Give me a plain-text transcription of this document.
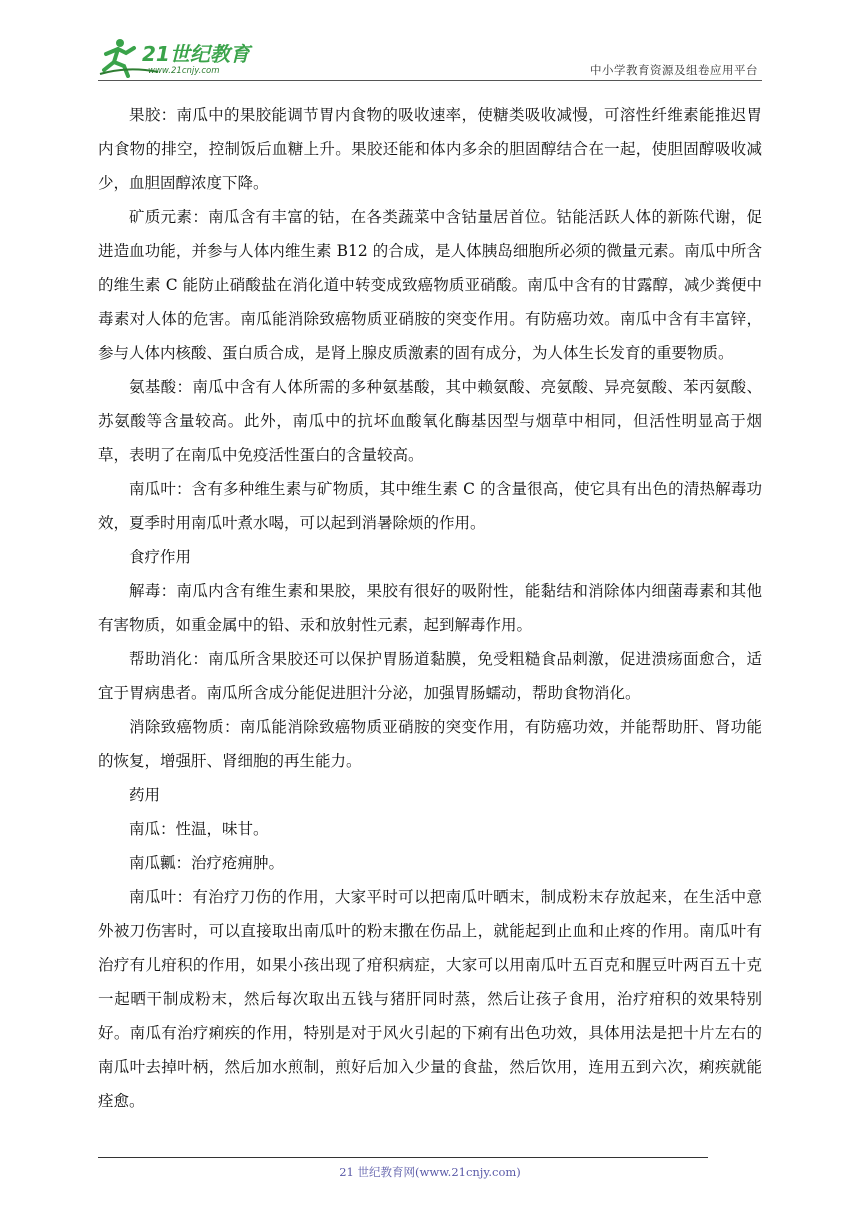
21世纪教育
www.21cnjy.com	中小学教育资源及组卷应用平台

果胶：南瓜中的果胶能调节胃内食物的吸收速率，使糖类吸收减慢，可溶性纤维素能推迟胃内食物的排空，控制饭后血糖上升。果胶还能和体内多余的胆固醇结合在一起，使胆固醇吸收减少，血胆固醇浓度下降。

矿质元素：南瓜含有丰富的钴，在各类蔬菜中含钴量居首位。钴能活跃人体的新陈代谢，促进造血功能，并参与人体内维生素 B12 的合成，是人体胰岛细胞所必须的微量元素。南瓜中所含的维生素 C 能防止硝酸盐在消化道中转变成致癌物质亚硝酸。南瓜中含有的甘露醇，减少粪便中毒素对人体的危害。南瓜能消除致癌物质亚硝胺的突变作用。有防癌功效。南瓜中含有丰富锌，参与人体内核酸、蛋白质合成，是肾上腺皮质激素的固有成分，为人体生长发育的重要物质。

氨基酸：南瓜中含有人体所需的多种氨基酸，其中赖氨酸、亮氨酸、异亮氨酸、苯丙氨酸、苏氨酸等含量较高。此外，南瓜中的抗坏血酸氧化酶基因型与烟草中相同，但活性明显高于烟草，表明了在南瓜中免疫活性蛋白的含量较高。

南瓜叶：含有多种维生素与矿物质，其中维生素 C 的含量很高，使它具有出色的清热解毒功效，夏季时用南瓜叶煮水喝，可以起到消暑除烦的作用。

食疗作用

解毒：南瓜内含有维生素和果胶，果胶有很好的吸附性，能黏结和消除体内细菌毒素和其他有害物质，如重金属中的铅、汞和放射性元素，起到解毒作用。

帮助消化：南瓜所含果胶还可以保护胃肠道黏膜，免受粗糙食品刺激，促进溃疡面愈合，适宜于胃病患者。南瓜所含成分能促进胆汁分泌，加强胃肠蠕动，帮助食物消化。

消除致癌物质：南瓜能消除致癌物质亚硝胺的突变作用，有防癌功效，并能帮助肝、肾功能的恢复，增强肝、肾细胞的再生能力。

药用

南瓜：性温，味甘。

南瓜瓤：治疗疮痈肿。

南瓜叶：有治疗刀伤的作用，大家平时可以把南瓜叶晒末，制成粉末存放起来，在生活中意外被刀伤害时，可以直接取出南瓜叶的粉末撒在伤品上，就能起到止血和止疼的作用。南瓜叶有治疗有儿疳积的作用，如果小孩出现了疳积病症，大家可以用南瓜叶五百克和腥豆叶两百五十克一起晒干制成粉末，然后每次取出五钱与猪肝同时蒸，然后让孩子食用，治疗疳积的效果特别好。南瓜有治疗痢疾的作用，特别是对于风火引起的下痢有出色功效，具体用法是把十片左右的南瓜叶去掉叶柄，然后加水煎制，煎好后加入少量的食盐，然后饮用，连用五到六次，痢疾就能痊愈。

21 世纪教育网(www.21cnjy.com)
